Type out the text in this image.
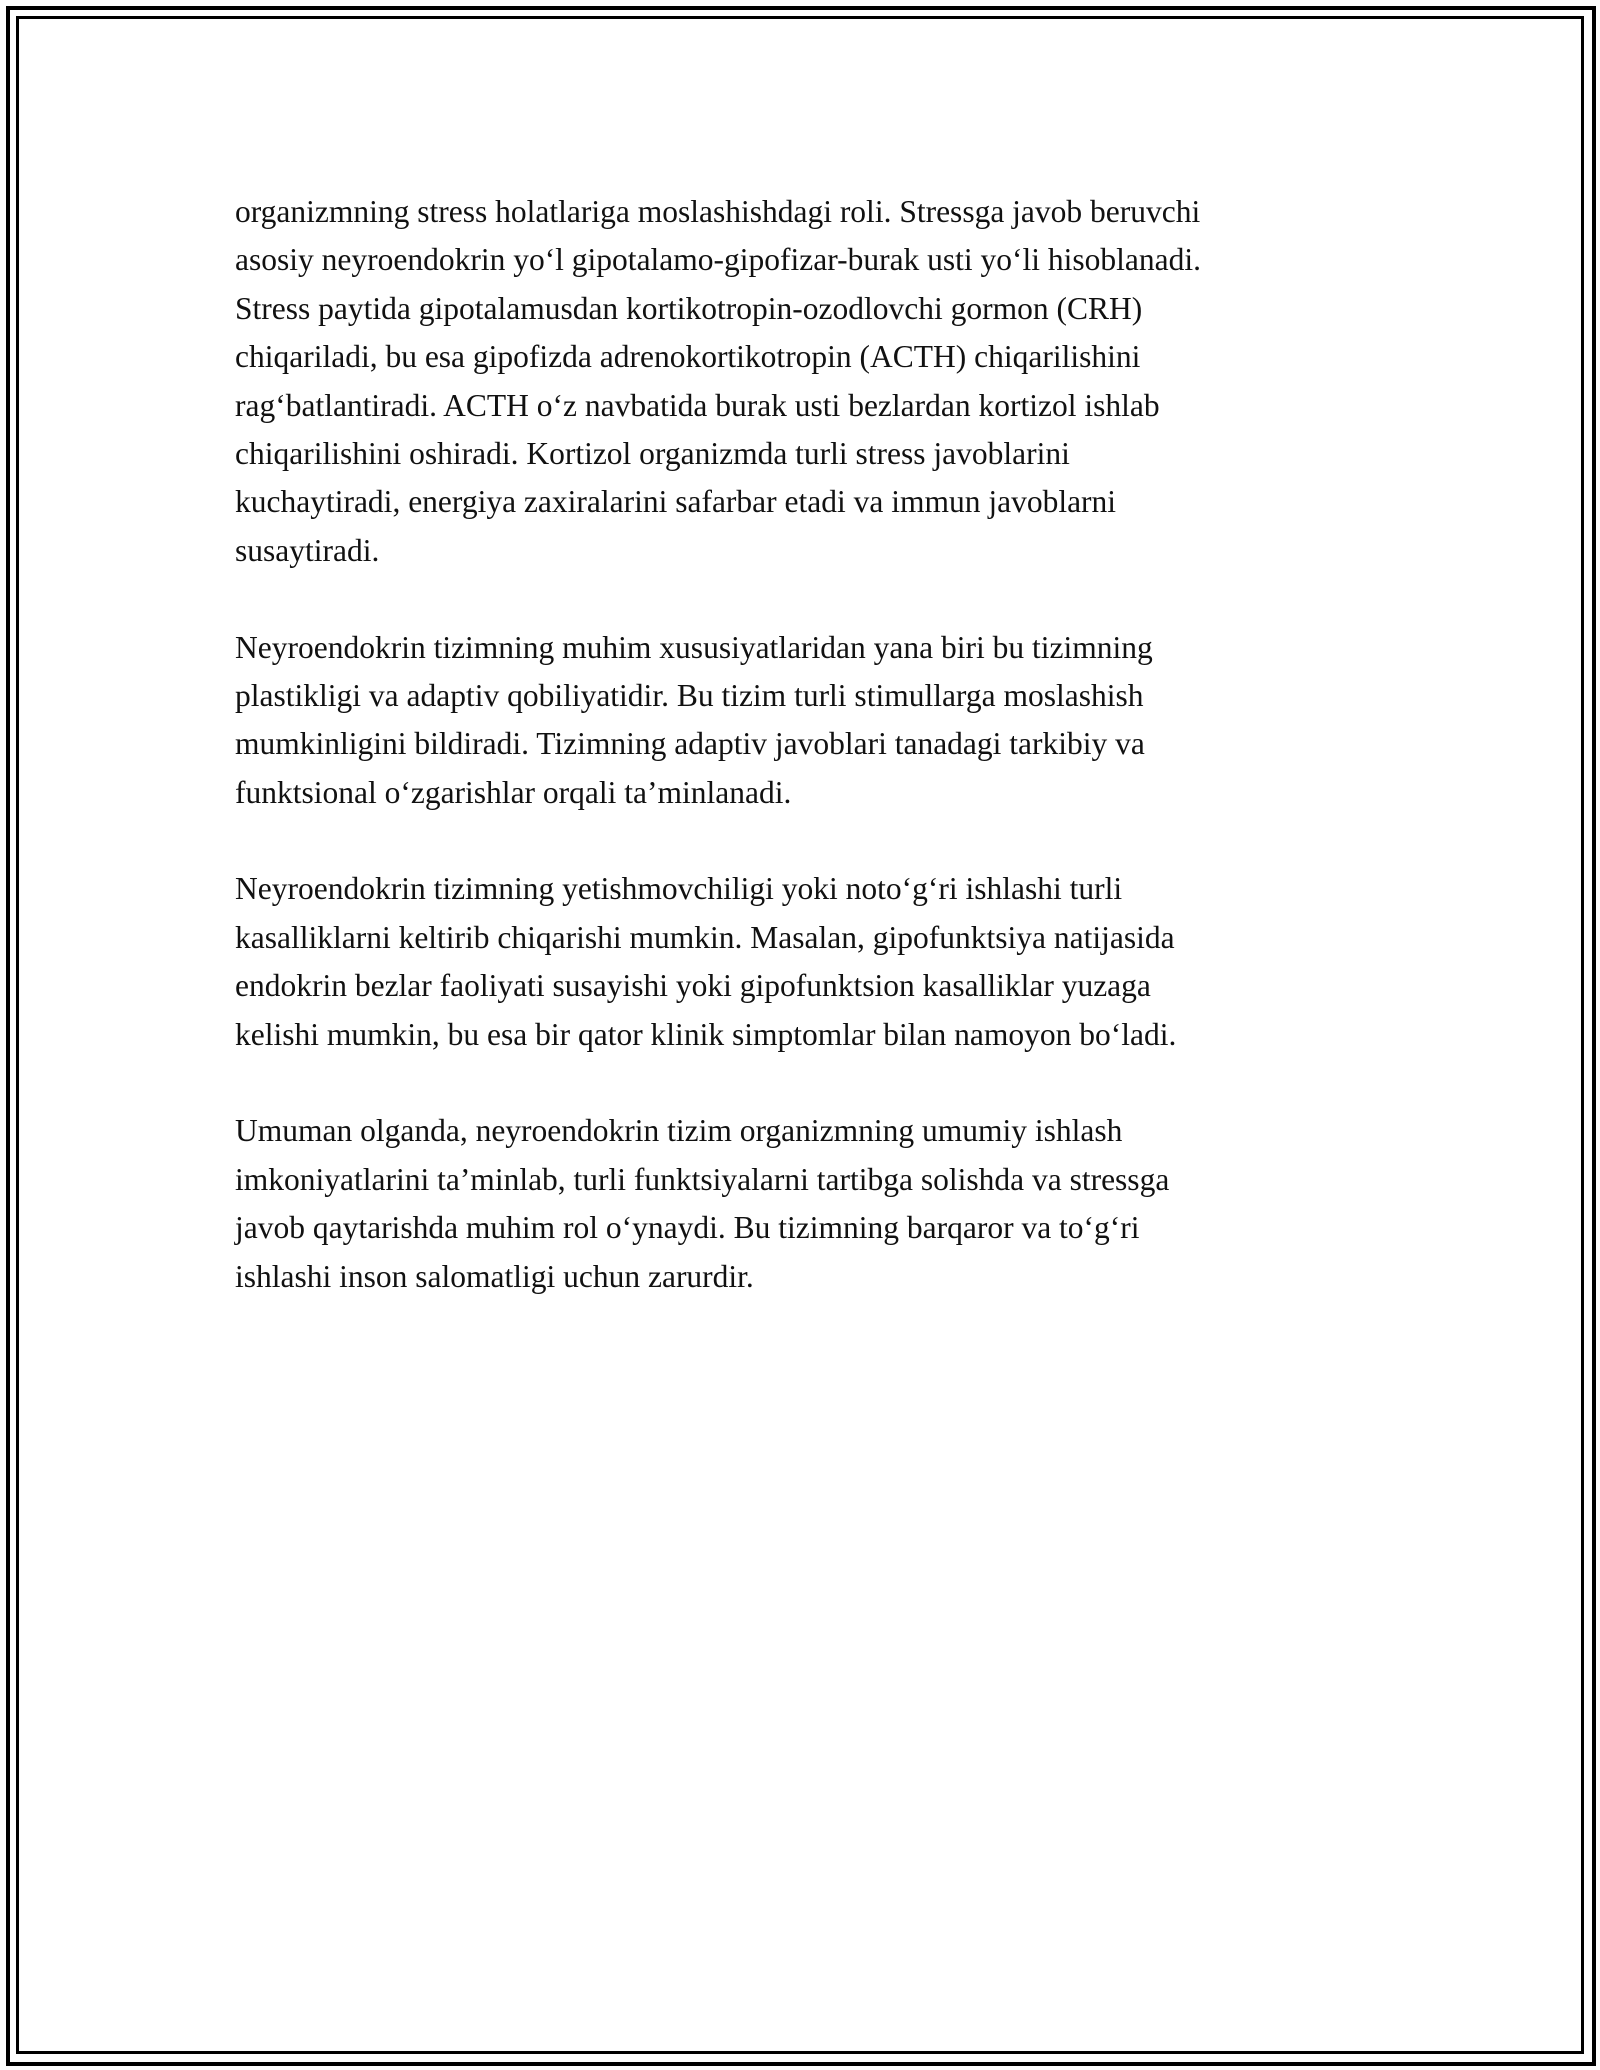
organizmning stress holatlariga moslashishdagi roli. Stressga javob beruvchi
asosiy neyroendokrin yo‘l gipotalamo-gipofizar-burak usti yo‘li hisoblanadi.
Stress paytida gipotalamusdan kortikotropin-ozodlovchi gormon (CRH)
chiqariladi, bu esa gipofizda adrenokortikotropin (ACTH) chiqarilishini
rag‘batlantiradi. ACTH o‘z navbatida burak usti bezlardan kortizol ishlab
chiqarilishini oshiradi. Kortizol organizmda turli stress javoblarini
kuchaytiradi, energiya zaxiralarini safarbar etadi va immun javoblarni
susaytiradi.

Neyroendokrin tizimning muhim xususiyatlaridan yana biri bu tizimning
plastikligi va adaptiv qobiliyatidir. Bu tizim turli stimullarga moslashish
mumkinligini bildiradi. Tizimning adaptiv javoblari tanadagi tarkibiy va
funktsional o‘zgarishlar orqali ta’minlanadi.

Neyroendokrin tizimning yetishmovchiligi yoki noto‘g‘ri ishlashi turli
kasalliklarni keltirib chiqarishi mumkin. Masalan, gipofunktsiya natijasida
endokrin bezlar faoliyati susayishi yoki gipofunktsion kasalliklar yuzaga
kelishi mumkin, bu esa bir qator klinik simptomlar bilan namoyon bo‘ladi.

Umuman olganda, neyroendokrin tizim organizmning umumiy ishlash
imkoniyatlarini ta’minlab, turli funktsiyalarni tartibga solishda va stressga
javob qaytarishda muhim rol o‘ynaydi. Bu tizimning barqaror va to‘g‘ri
ishlashi inson salomatligi uchun zarurdir.
